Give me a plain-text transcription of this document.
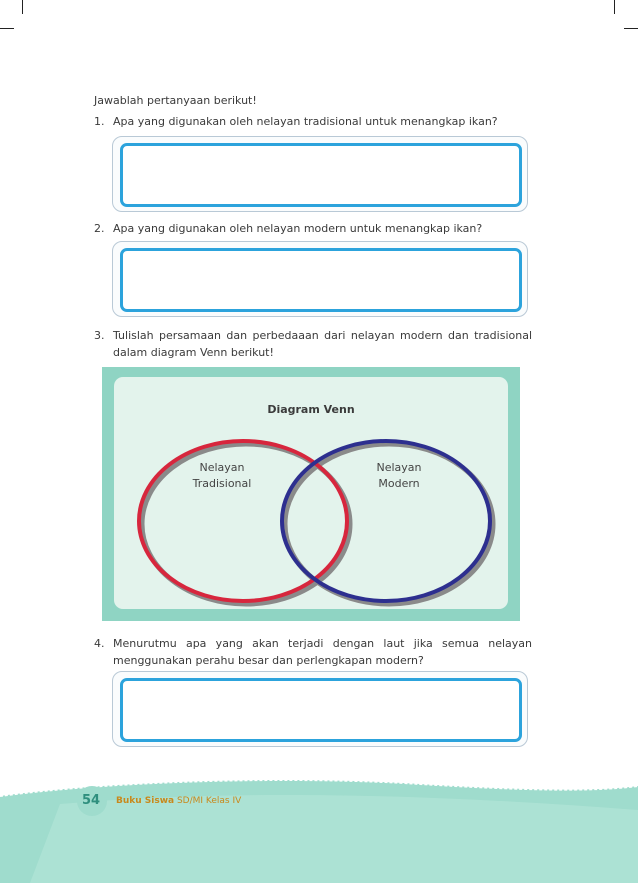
Jawablah pertanyaan berikut!
1. Apa yang digunakan oleh nelayan tradisional untuk menangkap ikan?
2. Apa yang digunakan oleh nelayan modern untuk menangkap ikan?
3. Tulislah persamaan dan perbedaaan dari nelayan modern dan tradisional dalam diagram Venn berikut!
Diagram Venn
Nelayan
Tradisional
Nelayan
Modern
4. Menurutmu apa yang akan terjadi dengan laut jika semua nelayan menggunakan perahu besar dan perlengkapan modern?
54 Buku Siswa SD/MI Kelas IV
